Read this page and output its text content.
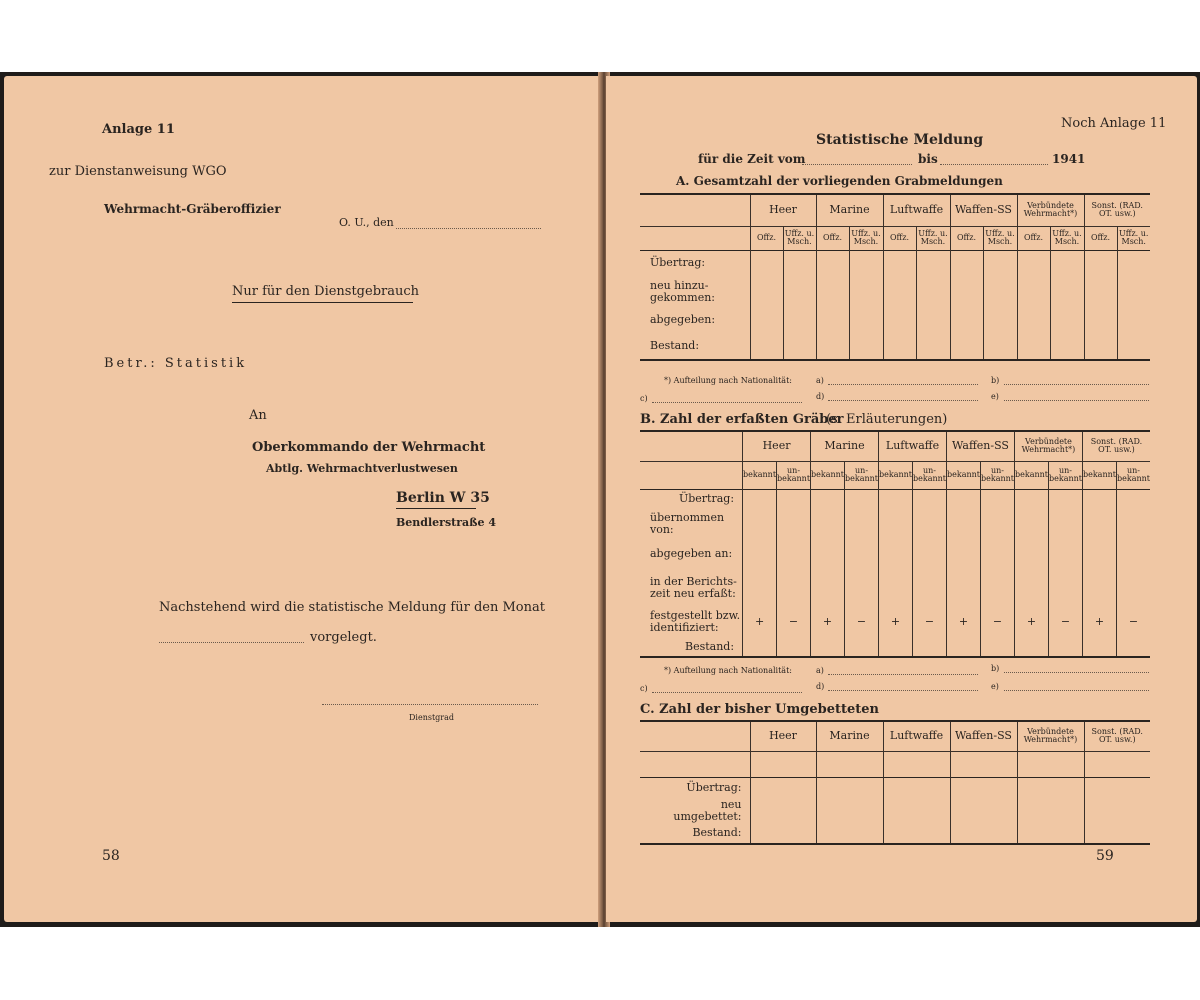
Anlage 11
zur Dienstanweisung WGO
Wehrmacht-Gräberoffizier
O. U., den
Nur für den Dienstgebrauch
Betr.: Statistik
An
Oberkommando der Wehrmacht
Abtlg. Wehrmachtverlustwesen
Berlin W 35
Bendlerstraße 4
Nachstehend wird die statistische Meldung für den Monat
vorgelegt.
Dienstgrad
58
Noch Anlage 11
Statistische Meldung
für die Zeit vom	bis	1941
A. Gesamtzahl der vorliegenden Grabmeldungen
	Heer		Marine		Luftwaffe		Waffen-SS		Verbündete Wehrmacht*)		Sonst. (RAD. OT. usw.)	
	Offz.	Uffz. u. Msch.	Offz.	Uffz. u. Msch.	Offz.	Uffz. u. Msch.	Offz.	Uffz. u. Msch.	Offz.	Uffz. u. Msch.	Offz.	Uffz. u. Msch.
Übertrag:												
neu hinzu-gekommen:												
abgegeben:												
Bestand:												
*) Aufteilung nach Nationalität:	a)	b)
c)	d)	e)
B. Zahl der erfaßten Gräber
(s. Erläuterungen)
	Heer		Marine		Luftwaffe		Waffen-SS		Verbündete Wehrmacht*)		Sonst. (RAD. OT. usw.)	
	bekannt	un-bekannt	bekannt	un-bekannt	bekannt	un-bekannt	bekannt	un-bekannt	bekannt	un-bekannt	bekannt	un-bekannt
Übertrag:												
übernommen von:												
abgegeben an:												
in der Berichts-zeit neu erfaßt:												
festgestellt bzw. identifiziert:	+	−	+	−	+	−	+	−	+	−	+	−
Bestand:												
*) Aufteilung nach Nationalität:	a)	b)
c)	d)	e)
C. Zahl der bisher Umgebetteten
	Heer	Marine	Luftwaffe	Waffen-SS	Verbündete Wehrmacht*)	Sonst. (RAD. OT. usw.)

Übertrag:						
neu umgebettet:						
Bestand:						
59
